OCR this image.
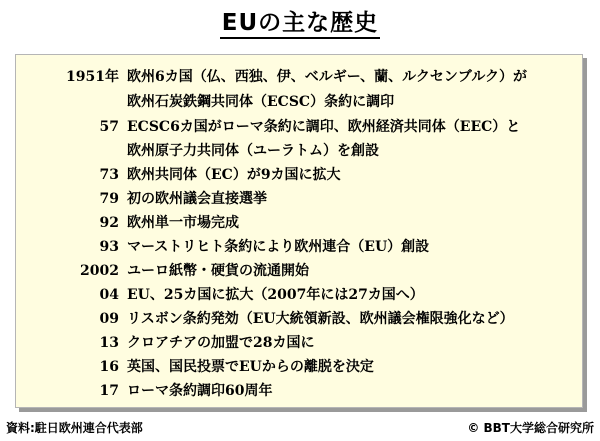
EUの主な歴史
1951年 欧州6カ国（仏、西独、伊、ベルギー、蘭、ルクセンブルク）が
欧州石炭鉄鋼共同体（ECSC）条約に調印
57 ECSC6カ国がローマ条約に調印、欧州経済共同体（EEC）と
欧州原子力共同体（ユーラトム）を創設
73 欧州共同体（EC）が9カ国に拡大
79 初の欧州議会直接選挙
92 欧州単一市場完成
93 マーストリヒト条約により欧州連合（EU）創設
2002 ユーロ紙幣・硬貨の流通開始
04 EU、25カ国に拡大（2007年には27カ国へ）
09 リスボン条約発効（EU大統領新設、欧州議会権限強化など）
13 クロアチアの加盟で28カ国に
16 英国、国民投票でEUからの離脱を決定
17 ローマ条約調印60周年
資料:駐日欧州連合代表部	© BBT大学総合研究所
